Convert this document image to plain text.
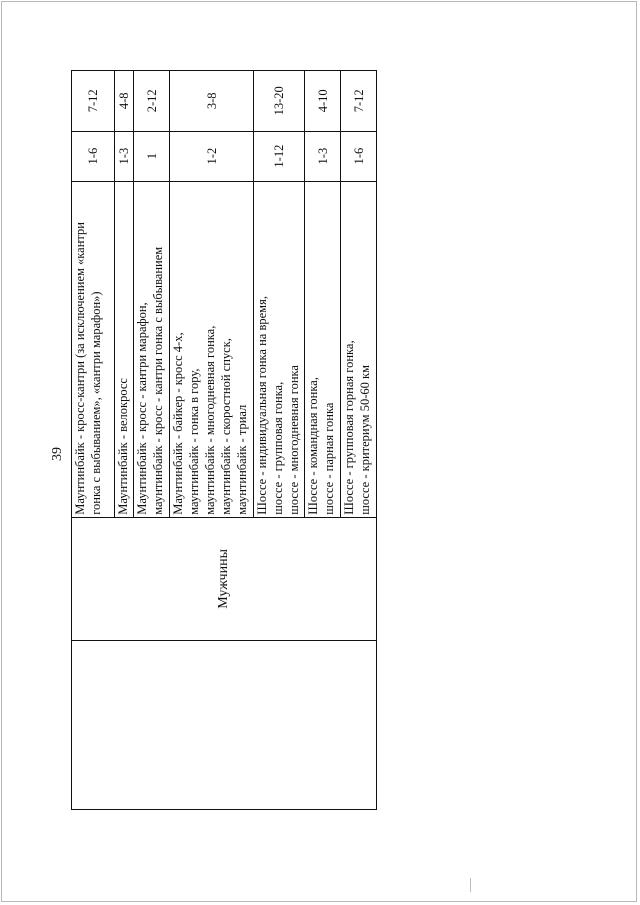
39
	Мужчины	Маунтинбайк - кросс-кантри (за исключением «кантри гонка с выбыванием», «кантри марафон»)	1-6	7-12

		Маунтинбайк - велокросс	1-3	4-8

		Маунтинбайк - кросс - кантри марафон, маунтинбайк - кросс - кантри гонка с выбыванием	1	2-12

		Маунтинбайк - байкер - кросс 4-х, маунтинбайк - гонка в гору, маунтинбайк - многодневная гонка, маунтинбайк - скоростной спуск, маунтинбайк - триал	1-2	3-8

		Шоссе - индивидуальная гонка на время, шоссе - групповая гонка, шоссе - многодневная гонка	1-12	13-20

		Шоссе - командная гонка, шоссе - парная гонка	1-3	4-10

		Шоссе - групповая горная гонка, шоссе - критериум 50-60 км	1-6	7-12
